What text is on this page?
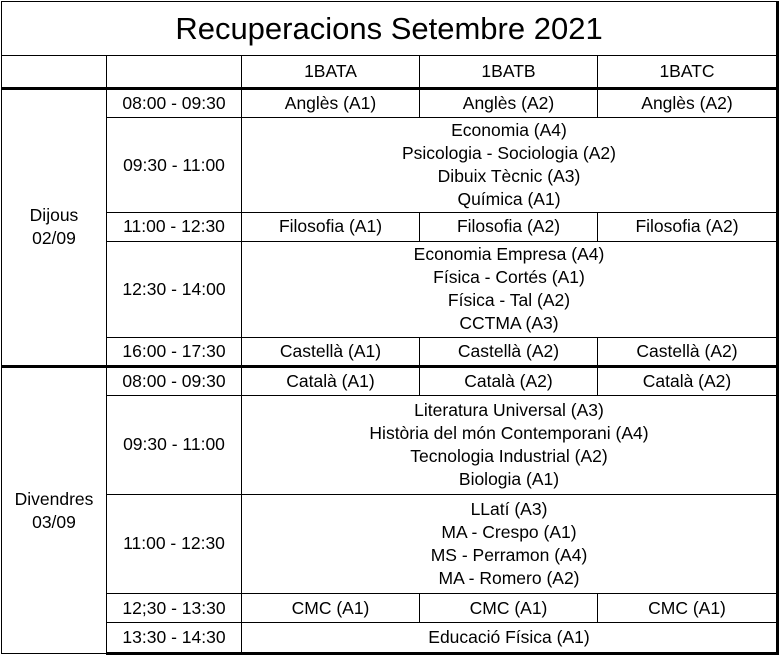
Recuperacions Setembre 2021				
		1BATA	1BATB	1BATC

Dijous
02/09	08:00 - 09:30	Anglès (A1)	Anglès (A2)	Anglès (A2)
	09:30 - 11:00	Economia (A4)
Psicologia - Sociologia (A2)
Dibuix Tècnic (A3)
Química (A1)		

	11:00 - 12:30	Filosofia (A1)	Filosofia (A2)	Filosofia (A2)
	12:30 - 14:00	Economia Empresa (A4)
Física - Cortés (A1)
Física - Tal (A2)
CCTMA (A3)		

	16:00 - 17:30	Castellà (A1)	Castellà (A2)	Castellà (A2)

Divendres
03/09	08:00 - 09:30	Català (A1)	Català (A2)	Català (A2)
	09:30 - 11:00	Literatura Universal (A3)
Història del món Contemporani (A4)
Tecnologia Industrial (A2)
Biologia (A1)		

	11:00 - 12:30	LLatí (A3)
MA - Crespo (A1)
MS - Perramon (A4)
MA - Romero (A2)		

	12;30 - 13:30	CMC (A1)	CMC (A1)	CMC (A1)
	13:30 - 14:30	Educació Física (A1)		
